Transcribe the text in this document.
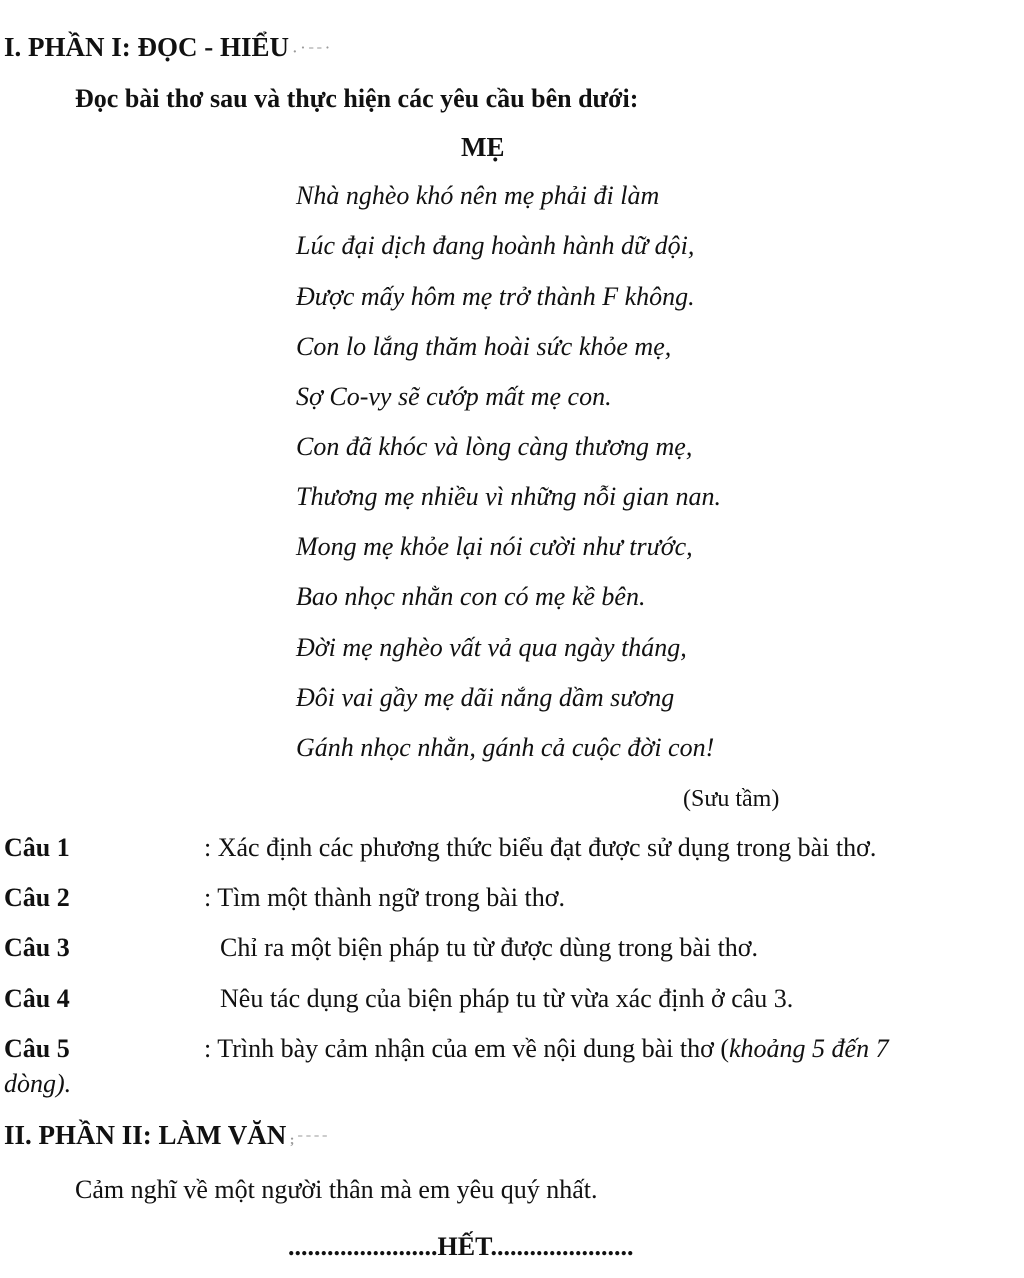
I. PHẦN I: ĐỌC - HIỂU · ˙ ˉ ˉ ˙
Đọc bài thơ sau và thực hiện các yêu cầu bên dưới:
MẸ
Nhà nghèo khó nên mẹ phải đi làm
Lúc đại dịch đang hoành hành dữ dội,
Được mấy hôm mẹ trở thành F không.
Con lo lắng thăm hoài sức khỏe mẹ,
Sợ Co-vy sẽ cướp mất mẹ con.
Con đã khóc và lòng càng thương mẹ,
Thương mẹ nhiều vì những nỗi gian nan.
Mong mẹ khỏe lại nói cười như trước,
Bao nhọc nhằn con có mẹ kề bên.
Đời mẹ nghèo vất vả qua ngày tháng,
Đôi vai gầy mẹ dãi nắng dầm sương
Gánh nhọc nhằn, gánh cả cuộc đời con!
(Sưu tầm)
Câu 1	: Xác định các phương thức biểu đạt được sử dụng trong bài thơ.
Câu 2	: Tìm một thành ngữ trong bài thơ.
Câu 3	Chỉ ra một biện pháp tu từ được dùng trong bài thơ.
Câu 4	Nêu tác dụng của biện pháp tu từ vừa xác định ở câu 3.
Câu 5	: Trình bày cảm nhận của em về nội dung bài thơ (khoảng 5 đến 7
dòng).
II. PHẦN II: LÀM VĂN ; ˉ ˉ ˉ ˉ
Cảm nghĩ về một người thân mà em yêu quý nhất.
.......................HẾT......................
